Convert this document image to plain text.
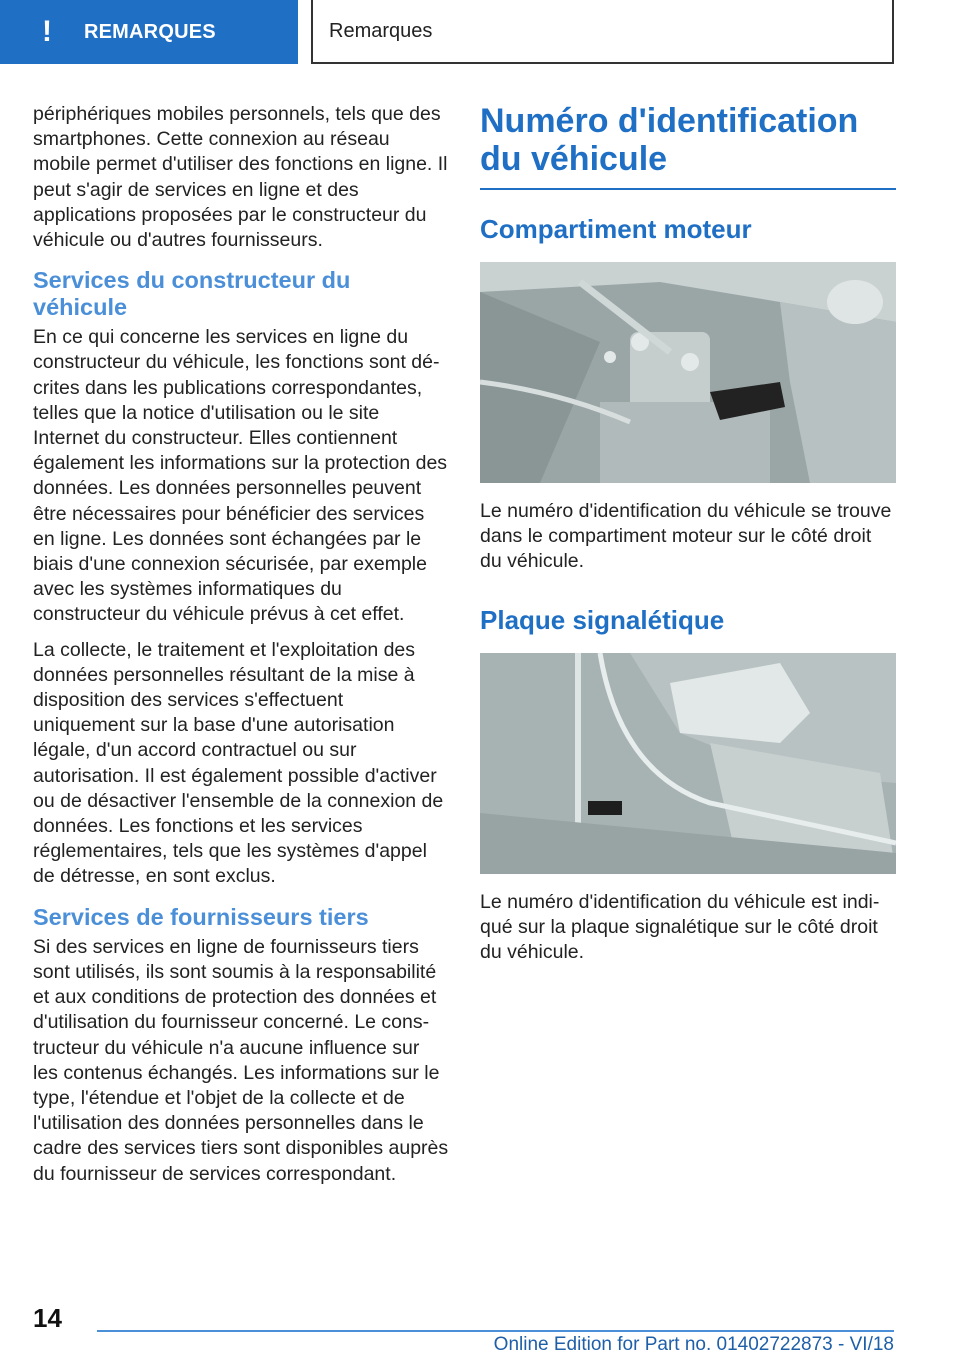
!	REMARQUES	Remarques

périphériques mobiles personnels, tels que des smartphones. Cette connexion au réseau mobile permet d'utiliser des fonctions en ligne. Il peut s'agir de services en ligne et des applications proposées par le constructeur du véhicule ou d'autres fournisseurs.

Services du constructeur du véhicule

En ce qui concerne les services en ligne du constructeur du véhicule, les fonctions sont décrites dans les publications correspondantes, telles que la notice d'utilisation ou le site Internet du constructeur. Elles contiennent également les informations sur la protection des données. Les données personnelles peuvent être nécessaires pour bénéficier des services en ligne. Les données sont échangées par le biais d'une connexion sécurisée, par exemple avec les systèmes informatiques du constructeur du véhicule prévus à cet effet.

La collecte, le traitement et l'exploitation des données personnelles résultant de la mise à disposition des services s'effectuent uniquement sur la base d'une autorisation légale, d'un accord contractuel ou sur autorisation. Il est également possible d'activer ou de désactiver l'ensemble de la connexion de données. Les fonctions et les services réglementaires, tels que les systèmes d'appel de détresse, en sont exclus.

Services de fournisseurs tiers

Si des services en ligne de fournisseurs tiers sont utilisés, ils sont soumis à la responsabilité et aux conditions de protection des données et d'utilisation du fournisseur concerné. Le constructeur du véhicule n'a aucune influence sur les contenus échangés. Les informations sur le type, l'étendue et l'objet de la collecte et de l'utilisation des données personnelles dans le cadre des services tiers sont disponibles auprès du fournisseur de services correspondant.

Numéro d'identification du véhicule
Compartiment moteur

Le numéro d'identification du véhicule se trouve dans le compartiment moteur sur le côté droit du véhicule.

Plaque signalétique

Le numéro d'identification du véhicule est indiqué sur la plaque signalétique sur le côté droit du véhicule.

14
Online Edition for Part no. 01402722873 - VI/18
